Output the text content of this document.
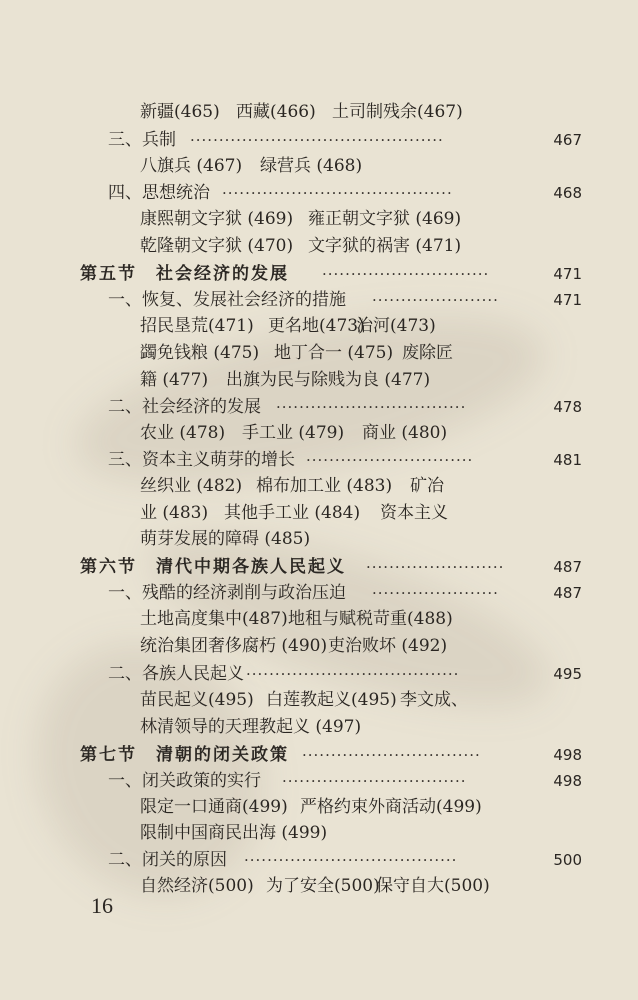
新疆(465) 西藏(466) 土司制残余(467)
三、兵制 ············································	467
八旗兵 (467) 绿营兵 (468)
四、思想统治 ········································	468
康熙朝文字狱 (469) 雍正朝文字狱 (469)
乾隆朝文字狱 (470) 文字狱的祸害 (471)
第五节　社会经济的发展 ·····························	471
一、恢复、发展社会经济的措施 ······················	471
招民垦荒(471) 更名地(473)
治河(473)
蠲免钱粮 (475) 地丁合一 (475) 废除匠
籍 (477) 出旗为民与除贱为良 (477)
二、社会经济的发展 ·································	478
农业 (478) 手工业 (479) 商业 (480)
三、资本主义萌芽的增长 ·····························	481
丝织业 (482) 棉布加工业 (483) 矿冶
业 (483) 其他手工业 (484) 资本主义
萌芽发展的障碍 (485)
第六节　清代中期各族人民起义 ························	487
一、残酷的经济剥削与政治压迫 ······················	487
土地高度集中(487) 地租与赋税苛重(488)
统治集团奢侈腐朽 (490) 吏治败坏 (492)
二、各族人民起义 ·····································	495
苗民起义(495) 白莲教起义(495) 李文成、
林清领导的天理教起义 (497)
第七节　清朝的闭关政策 ·······························	498
一、闭关政策的实行 ································	498
限定一口通商(499) 严格约束外商活动(499)
限制中国商民出海 (499)
二、闭关的原因 ·····································	500
自然经济(500) 为了安全(500)
保守自大(500)
16
